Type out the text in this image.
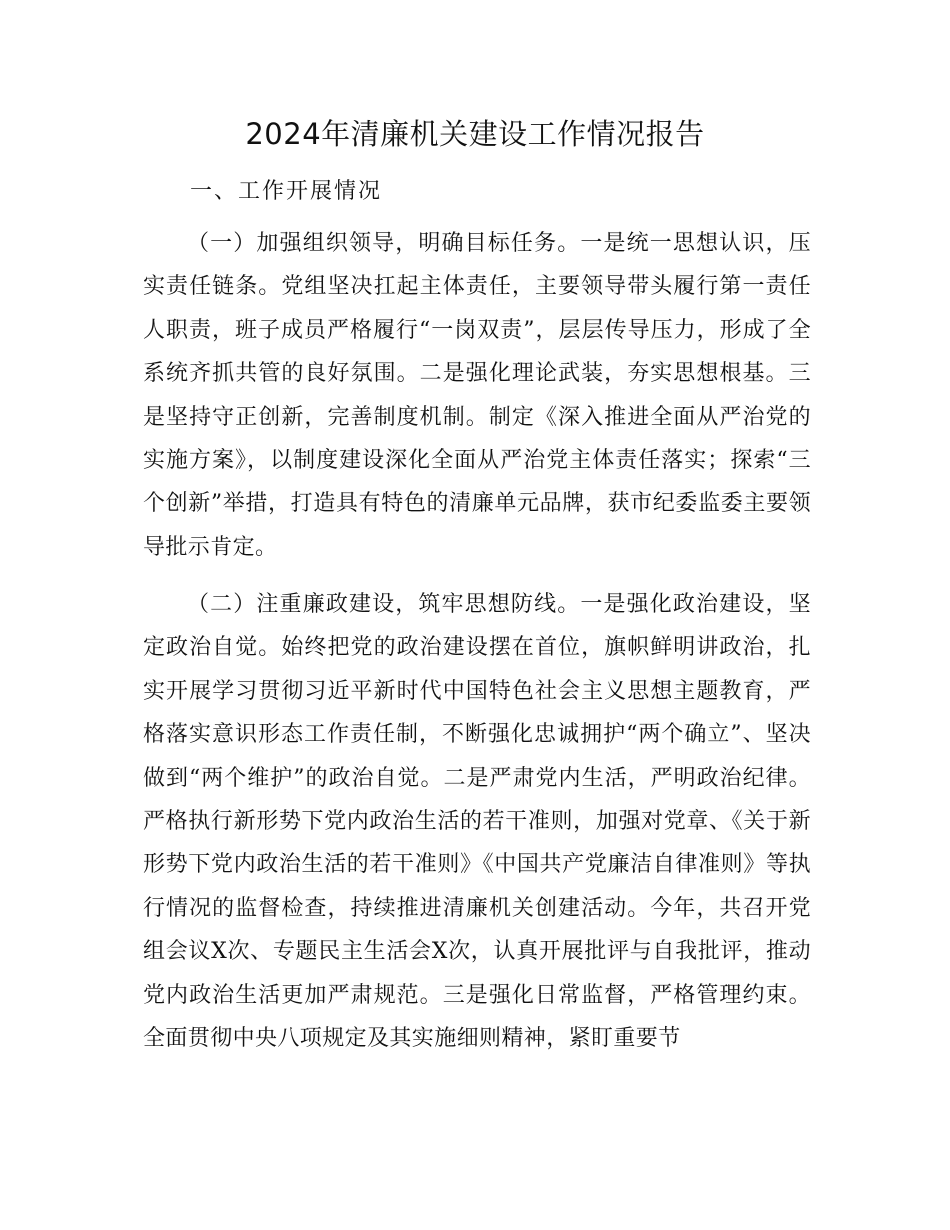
2024年清廉机关建设工作情况报告
一、工作开展情况

（一）加强组织领导，明确目标任务。一是统一思想认识，压实责任链条。党组坚决扛起主体责任，主要领导带头履行第一责任人职责，班子成员严格履行“一岗双责”，层层传导压力，形成了全系统齐抓共管的良好氛围。二是强化理论武装，夯实思想根基。三是坚持守正创新，完善制度机制。制定《深入推进全面从严治党的实施方案》，以制度建设深化全面从严治党主体责任落实；探索“三个创新”举措，打造具有特色的清廉单元品牌，获市纪委监委主要领导批示肯定。

（二）注重廉政建设，筑牢思想防线。一是强化政治建设，坚定政治自觉。始终把党的政治建设摆在首位，旗帜鲜明讲政治，扎实开展学习贯彻习近平新时代中国特色社会主义思想主题教育，严格落实意识形态工作责任制，不断强化忠诚拥护“两个确立”、坚决做到“两个维护”的政治自觉。二是严肃党内生活，严明政治纪律。严格执行新形势下党内政治生活的若干准则，加强对党章、《关于新形势下党内政治生活的若干准则》《中国共产党廉洁自律准则》等执行情况的监督检查，持续推进清廉机关创建活动。今年，共召开党组会议X次、专题民主生活会X次，认真开展批评与自我批评，推动党内政治生活更加严肃规范。三是强化日常监督，严格管理约束。全面贯彻中央八项规定及其实施细则精神，紧盯重要节
